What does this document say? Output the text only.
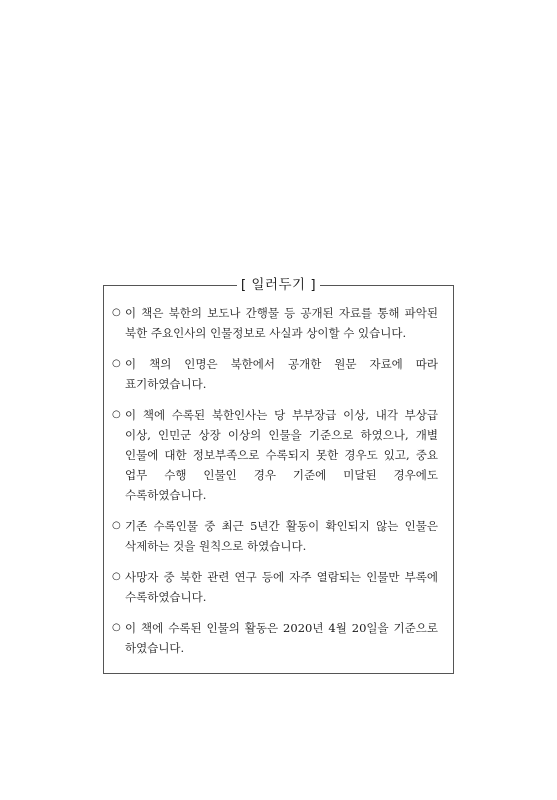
[ 일러두기 ]
○ 이 책은 북한의 보도나 간행물 등 공개된 자료를 통해 파악된 북한 주요인사의 인물정보로 사실과 상이할 수 있습니다.
○ 이 책의 인명은 북한에서 공개한 원문 자료에 따라 표기하였습니다.
○ 이 책에 수록된 북한인사는 당 부부장급 이상, 내각 부상급 이상, 인민군 상장 이상의 인물을 기준으로 하였으나, 개별 인물에 대한 정보부족으로 수록되지 못한 경우도 있고, 중요 업무 수행 인물인 경우 기준에 미달된 경우에도 수록하였습니다.
○ 기존 수록인물 중 최근 5년간 활동이 확인되지 않는 인물은 삭제하는 것을 원칙으로 하였습니다.
○ 사망자 중 북한 관련 연구 등에 자주 열람되는 인물만 부록에 수록하였습니다.
○ 이 책에 수록된 인물의 활동은 2020년 4월 20일을 기준으로 하였습니다.
